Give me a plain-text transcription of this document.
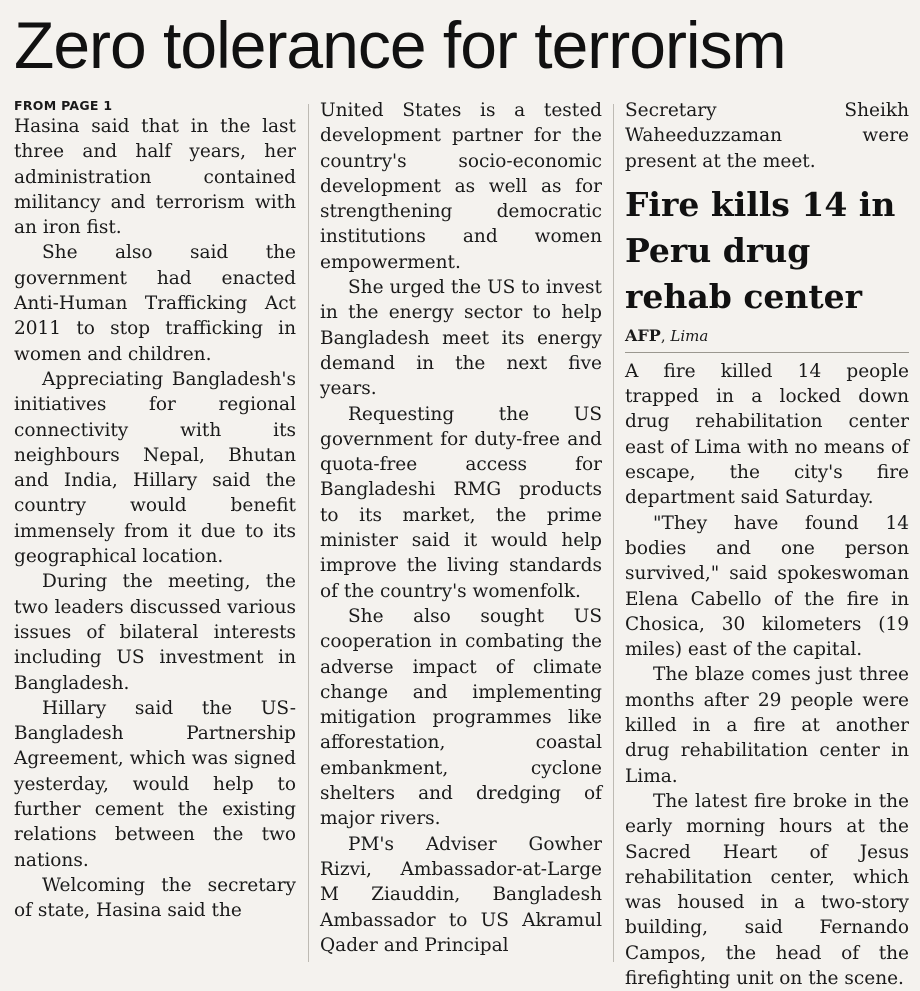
Zero tolerance for terrorism
FROM PAGE 1

Hasina said that in the last three and half years, her administration contained militancy and terrorism with an iron fist.

She also said the government had enacted Anti-Human Trafficking Act 2011 to stop trafficking in women and children.

Appreciating Bangladesh's initiatives for regional connectivity with its neighbours Nepal, Bhutan and India, Hillary said the country would benefit immensely from it due to its geographical location.

During the meeting, the two leaders discussed various issues of bilateral interests including US investment in Bangladesh.

Hillary said the US-Bangladesh Partnership Agreement, which was signed yesterday, would help to further cement the existing relations between the two nations.

Welcoming the secretary of state, Hasina said the

United States is a tested development partner for the country's socio-economic development as well as for strengthening democratic institutions and women empowerment.

She urged the US to invest in the energy sector to help Bangladesh meet its energy demand in the next five years.

Requesting the US government for duty-free and quota-free access for Bangladeshi RMG products to its market, the prime minister said it would help improve the living standards of the country's womenfolk.

She also sought US cooperation in combating the adverse impact of climate change and implementing mitigation programmes like afforestation, coastal embankment, cyclone shelters and dredging of major rivers.

PM's Adviser Gowher Rizvi, Ambassador-at-Large M Ziauddin, Bangladesh Ambassador to US Akramul Qader and Principal

Secretary Sheikh Waheeduzzaman were present at the meet.

Fire kills 14 in Peru drug rehab center
AFP, Lima

A fire killed 14 people trapped in a locked down drug rehabilitation center east of Lima with no means of escape, the city's fire department said Saturday.

"They have found 14 bodies and one person survived," said spokeswoman Elena Cabello of the fire in Chosica, 30 kilometers (19 miles) east of the capital.

The blaze comes just three months after 29 people were killed in a fire at another drug rehabilitation center in Lima.

The latest fire broke in the early morning hours at the Sacred Heart of Jesus rehabilitation center, which was housed in a two-story building, said Fernando Campos, the head of the firefighting unit on the scene.
